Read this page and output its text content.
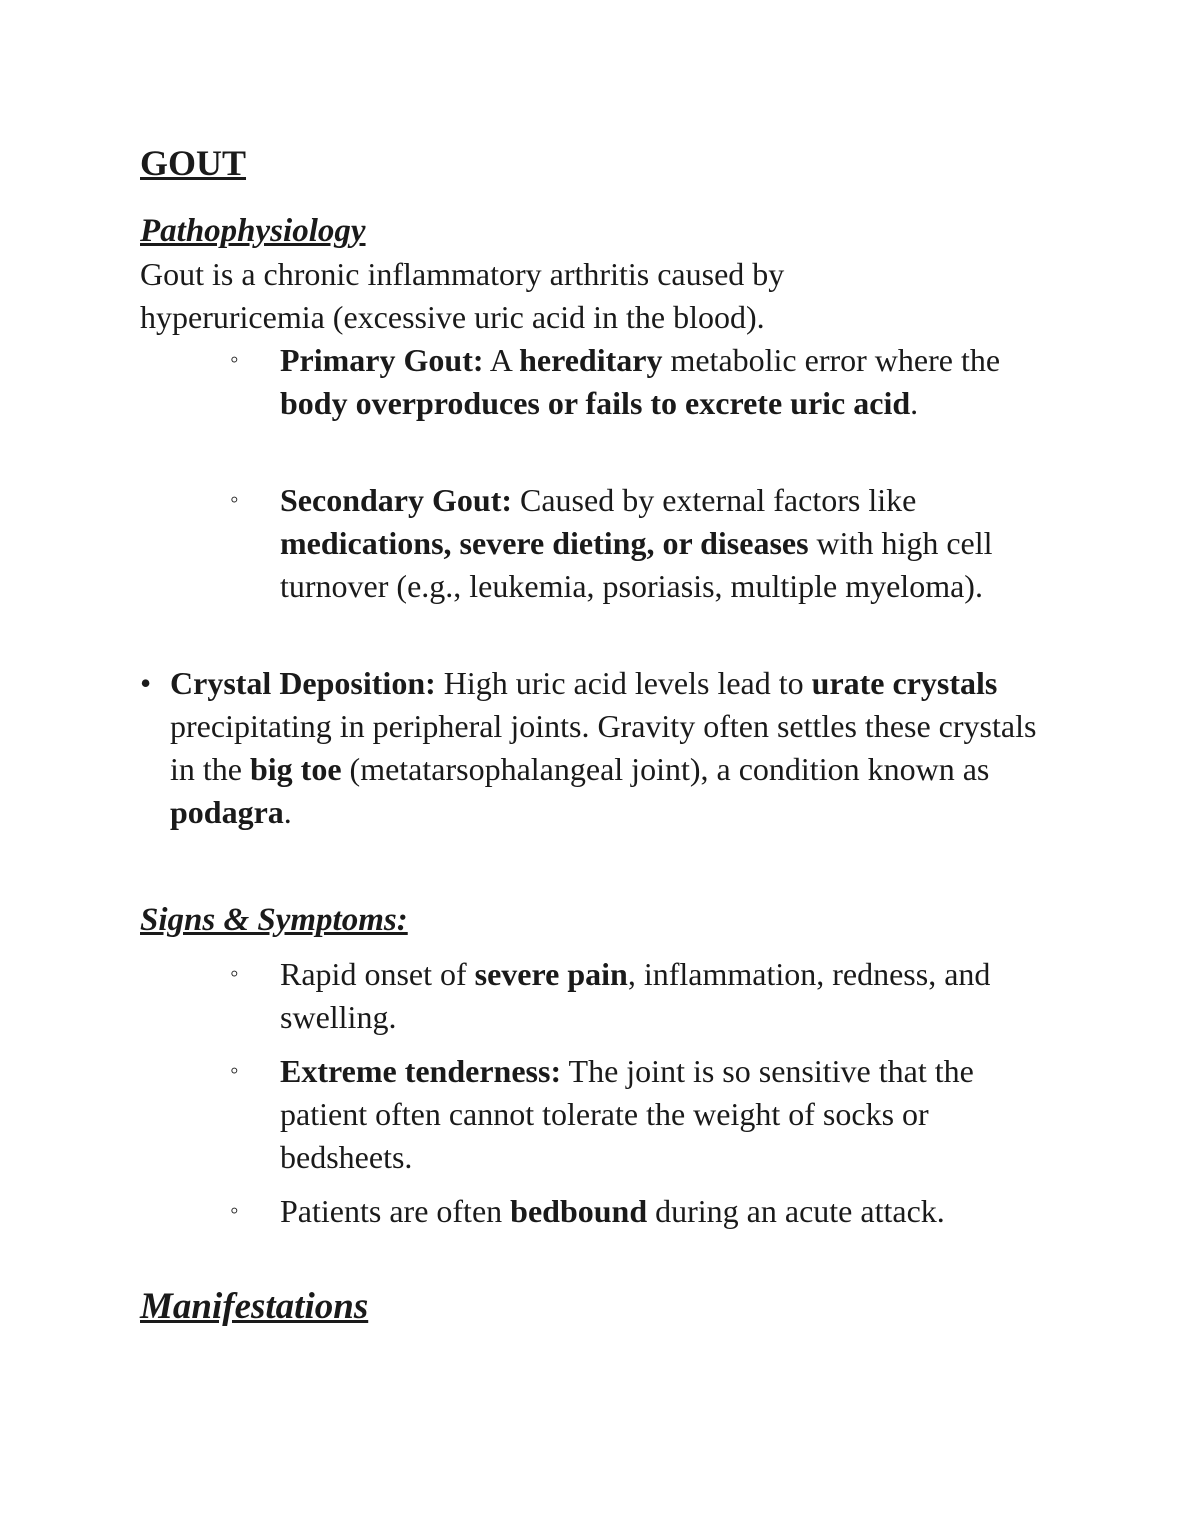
GOUT
Pathophysiology

Gout is a chronic inflammatory arthritis caused by hyperuricemia (excessive uric acid in the blood).

◦ Primary Gout: A hereditary metabolic error where the body overproduces or fails to excrete uric acid.
◦ Secondary Gout: Caused by external factors like medications, severe dieting, or diseases with high cell turnover (e.g., leukemia, psoriasis, multiple myeloma).
• Crystal Deposition: High uric acid levels lead to urate crystals precipitating in peripheral joints. Gravity often settles these crystals in the big toe (metatarsophalangeal joint), a condition known as podagra.
Signs & Symptoms:
◦ Rapid onset of severe pain, inflammation, redness, and swelling.
◦ Extreme tenderness: The joint is so sensitive that the patient often cannot tolerate the weight of socks or bedsheets.
◦ Patients are often bedbound during an acute attack.
Manifestations
